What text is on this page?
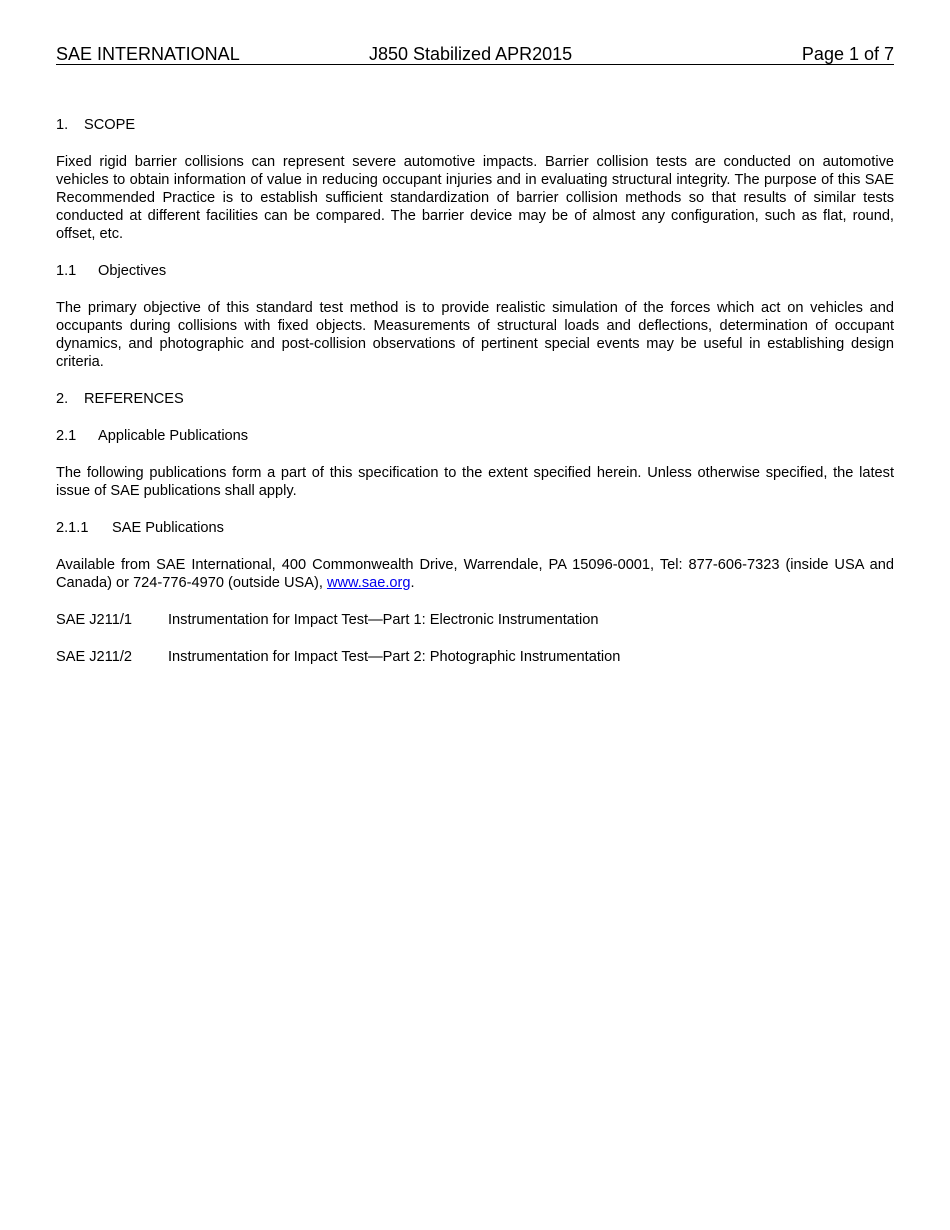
SAE INTERNATIONAL	J850 Stabilized APR2015	Page 1 of 7
1. SCOPE

Fixed rigid barrier collisions can represent severe automotive impacts. Barrier collision tests are conducted on automotive vehicles to obtain information of value in reducing occupant injuries and in evaluating structural integrity. The purpose of this SAE Recommended Practice is to establish sufficient standardization of barrier collision methods so that results of similar tests conducted at different facilities can be compared. The barrier device may be of almost any configuration, such as flat, round, offset, etc.

1.1 Objectives

The primary objective of this standard test method is to provide realistic simulation of the forces which act on vehicles and occupants during collisions with fixed objects. Measurements of structural loads and deflections, determination of occupant dynamics, and photographic and post-collision observations of pertinent special events may be useful in establishing design criteria.

2. REFERENCES
2.1 Applicable Publications

The following publications form a part of this specification to the extent specified herein. Unless otherwise specified, the latest issue of SAE publications shall apply.

2.1.1 SAE Publications

Available from SAE International, 400 Commonwealth Drive, Warrendale, PA 15096-0001, Tel: 877-606-7323 (inside USA and Canada) or 724-776-4970 (outside USA), www.sae.org.

SAE J211/1 Instrumentation for Impact Test—Part 1: Electronic Instrumentation
SAE J211/2 Instrumentation for Impact Test—Part 2: Photographic Instrumentation
